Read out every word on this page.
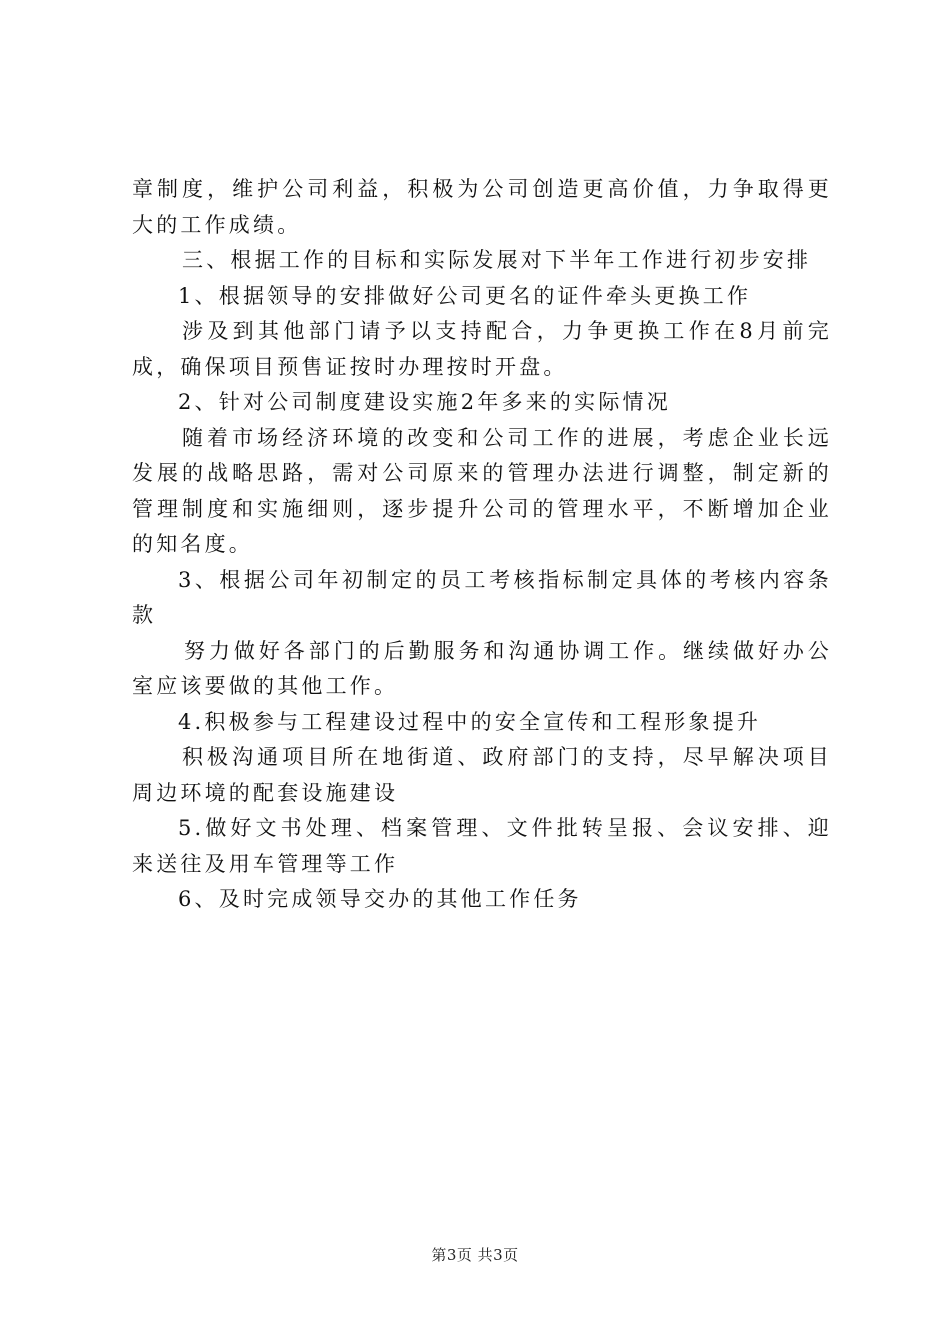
章制度，维护公司利益，积极为公司创造更高价值，力争取得更大的工作成绩。

三、根据工作的目标和实际发展对下半年工作进行初步安排

1、根据领导的安排做好公司更名的证件牵头更换工作

涉及到其他部门请予以支持配合，力争更换工作在8月前完成，确保项目预售证按时办理按时开盘。

2、针对公司制度建设实施2年多来的实际情况

随着市场经济环境的改变和公司工作的进展，考虑企业长远发展的战略思路，需对公司原来的管理办法进行调整，制定新的管理制度和实施细则，逐步提升公司的管理水平，不断增加企业的知名度。

3、根据公司年初制定的员工考核指标制定具体的考核内容条款

努力做好各部门的后勤服务和沟通协调工作。继续做好办公室应该要做的其他工作。

4.积极参与工程建设过程中的安全宣传和工程形象提升

积极沟通项目所在地街道、政府部门的支持，尽早解决项目周边环境的配套设施建设

5.做好文书处理、档案管理、文件批转呈报、会议安排、迎来送往及用车管理等工作

6、及时完成领导交办的其他工作任务

第3页 共3页
